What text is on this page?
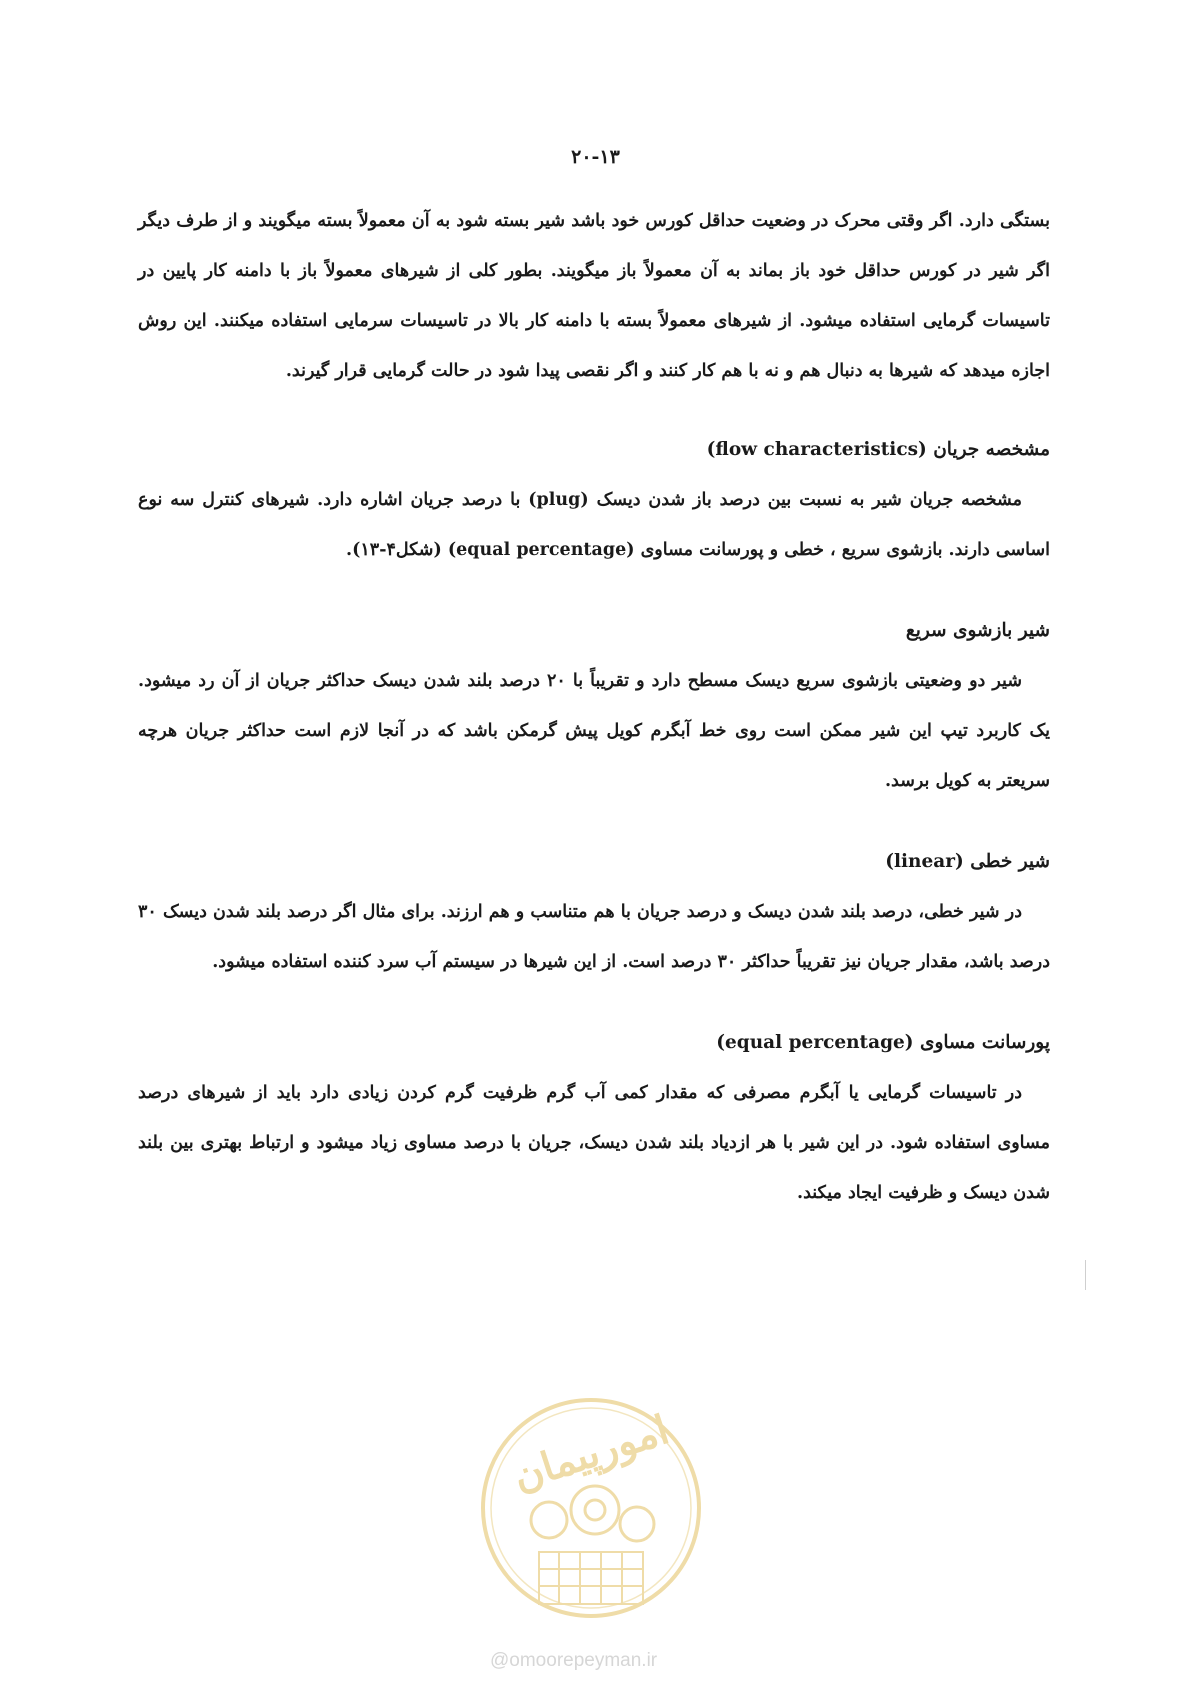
۲۰-۱۳

بستگی دارد. اگر وقتی محرک در وضعیت حداقل کورس خود باشد شیر بسته شود به آن معمولاً بسته میگویند و از طرف دیگر اگر شیر در کورس حداقل خود باز بماند به آن معمولاً باز میگویند. بطور کلی از شیرهای معمولاً باز با دامنه کار پایین در تاسیسات گرمایی استفاده میشود. از شیرهای معمولاً بسته با دامنه کار بالا در تاسیسات سرمایی استفاده میکنند. این روش اجازه میدهد که شیرها به دنبال هم و نه با هم کار کنند و اگر نقصی پیدا شود در حالت گرمایی قرار گیرند.

مشخصه جریان (flow characteristics)

مشخصه جریان شیر به نسبت بین درصد باز شدن دیسک (plug) با درصد جریان اشاره دارد. شیرهای کنترل سه نوع اساسی دارند. بازشوی سریع ، خطی و پورسانت مساوی (equal percentage) (شکل۴-۱۳).

شیر بازشوی سریع

شیر دو وضعیتی بازشوی سریع دیسک مسطح دارد و تقریباً با ۲۰ درصد بلند شدن دیسک حداکثر جریان از آن رد میشود. یک کاربرد تیپ این شیر ممکن است روی خط آبگرم کویل پیش گرمکن باشد که در آنجا لازم است حداکثر جریان هرچه سریعتر به کویل برسد.

شیر خطی (linear)

در شیر خطی، درصد بلند شدن دیسک و درصد جریان با هم متناسب و هم ارزند. برای مثال اگر درصد بلند شدن دیسک ۳۰ درصد باشد، مقدار جریان نیز تقریباً حداکثر ۳۰ درصد است. از این شیرها در سیستم آب سرد کننده استفاده میشود.

پورسانت مساوی (equal percentage)

در تاسیسات گرمایی یا آبگرم مصرفی که مقدار کمی آب گرم ظرفیت گرم کردن زیادی دارد باید از شیرهای درصد مساوی استفاده شود. در این شیر با هر ازدیاد بلند شدن دیسک، جریان با درصد مساوی زیاد میشود و ارتباط بهتری بین بلند شدن دیسک و ظرفیت ایجاد میکند.

امورپیمان
@omoorepeyman.ir
